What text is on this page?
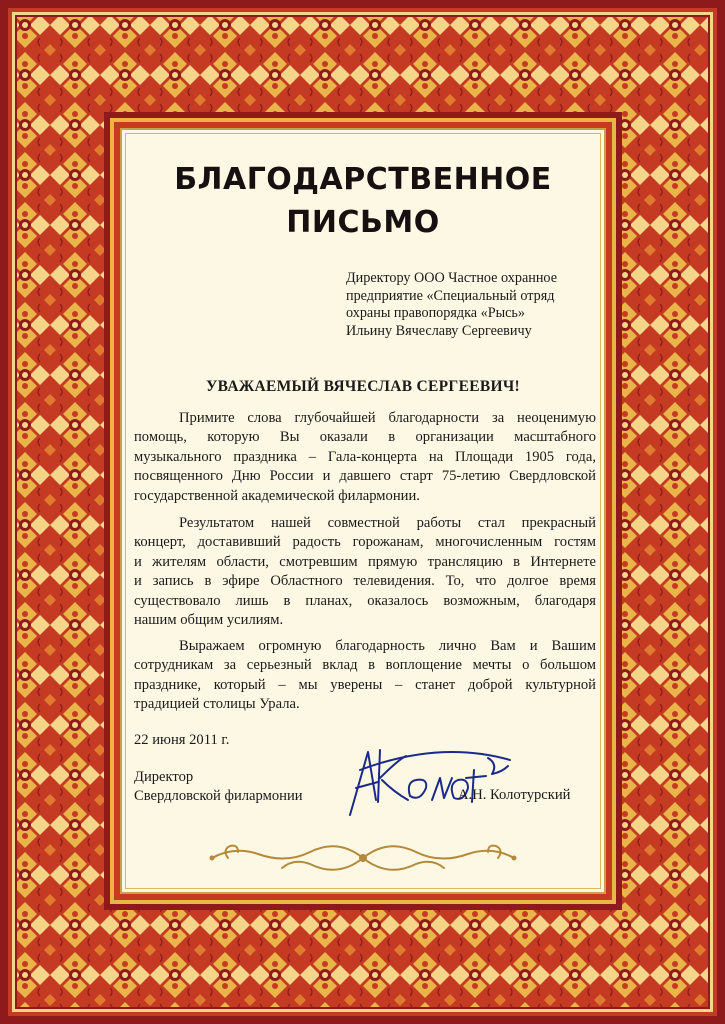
БЛАГОДАРСТВЕННОЕ
ПИСЬМО
Директору ООО Частное охранное
предприятие «Специальный отряд
охраны правопорядка «Рысь»
Ильину Вячеславу Сергеевичу

УВАЖАЕМЫЙ ВЯЧЕСЛАВ СЕРГЕЕВИЧ!

Примите слова глубочайшей благодарности за неоценимую
помощь, которую Вы оказали в организации масштабного
музыкального праздника – Гала-концерта на Площади 1905 года,
посвященного Дню России и давшего старт 75-летию Свердловской
государственной академической филармонии.

Результатом нашей совместной работы стал прекрасный
концерт, доставивший радость горожанам, многочисленным гостям
и жителям области, смотревшим прямую трансляцию в Интернете
и запись в эфире Областного телевидения. То, что долгое время
существовало лишь в планах, оказалось возможным, благодаря
нашим общим усилиям.

Выражаем огромную благодарность лично Вам и Вашим
сотрудникам за серьезный вклад в воплощение мечты о большом
празднике, который – мы уверены – станет доброй культурной
традицией столицы Урала.

22 июня 2011 г.

Директор
Свердловской филармонии	А.Н. Колотурский
